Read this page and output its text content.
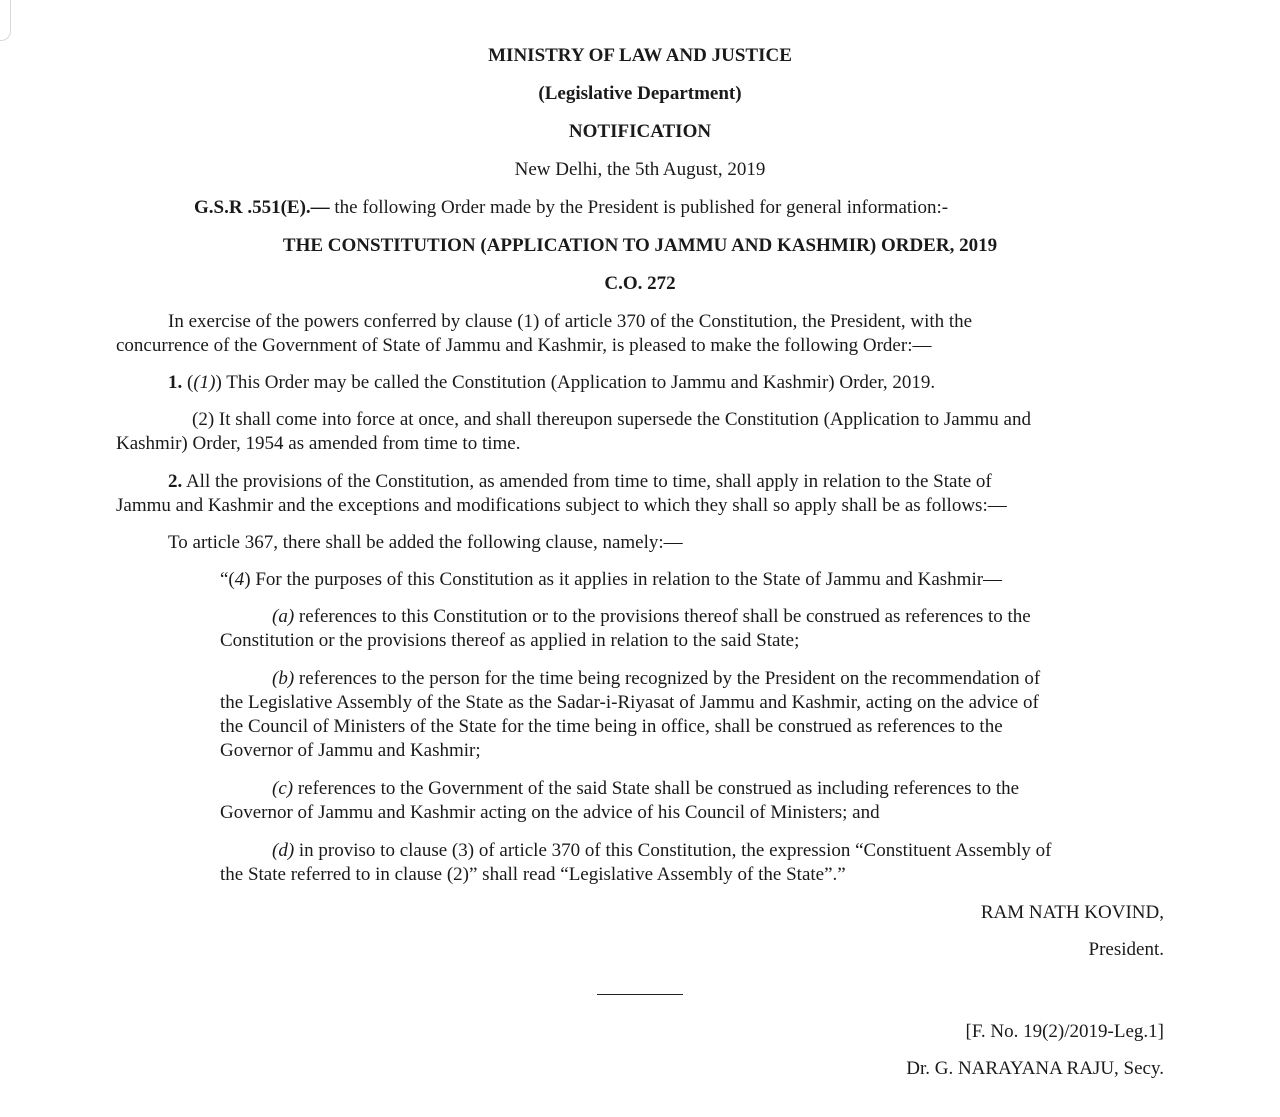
MINISTRY OF LAW AND JUSTICE

(Legislative Department)

NOTIFICATION

New Delhi, the 5th August, 2019

G.S.R .551(E).— the following Order made by the President is published for general information:-

THE CONSTITUTION (APPLICATION TO JAMMU AND KASHMIR) ORDER, 2019

C.O. 272

In exercise of the powers conferred by clause (1) of article 370 of the Constitution, the President, with the

concurrence of the Government of State of Jammu and Kashmir, is pleased to make the following Order:—

1. ((1)) This Order may be called the Constitution (Application to Jammu and Kashmir) Order, 2019.

(2) It shall come into force at once, and shall thereupon supersede the Constitution (Application to Jammu and

Kashmir) Order, 1954 as amended from time to time.

2. All the provisions of the Constitution, as amended from time to time, shall apply in relation to the State of

Jammu and Kashmir and the exceptions and modifications subject to which they shall so apply shall be as follows:—

To article 367, there shall be added the following clause, namely:—

“(4) For the purposes of this Constitution as it applies in relation to the State of Jammu and Kashmir—

(a) references to this Constitution or to the provisions thereof shall be construed as references to the

Constitution or the provisions thereof as applied in relation to the said State;

(b) references to the person for the time being recognized by the President on the recommendation of

the Legislative Assembly of the State as the Sadar-i-Riyasat of Jammu and Kashmir, acting on the advice of

the Council of Ministers of the State for the time being in office, shall be construed as references to the

Governor of Jammu and Kashmir;

(c) references to the Government of the said State shall be construed as including references to the

Governor of Jammu and Kashmir acting on the advice of his Council of Ministers; and

(d) in proviso to clause (3) of article 370 of this Constitution, the expression “Constituent Assembly of

the State referred to in clause (2)” shall read “Legislative Assembly of the State”.”

RAM NATH KOVIND,

President.

[F. No. 19(2)/2019-Leg.1]

Dr. G. NARAYANA RAJU, Secy.
